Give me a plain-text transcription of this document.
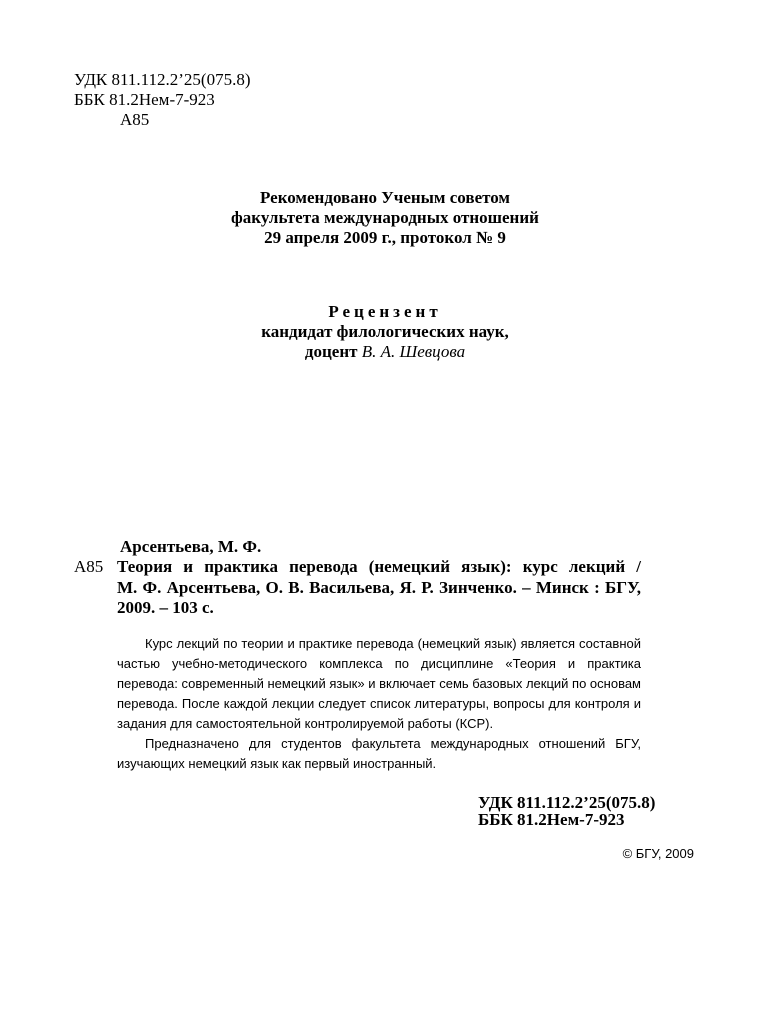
УДК 811.112.2’25(075.8)
ББК 81.2Нем-7-923
А85
Рекомендовано Ученым советом
факультета международных отношений
29 апреля 2009 г., протокол № 9
Рецензент
кандидат филологических наук,
доцент В. А. Шевцова
Арсентьева, М. Ф.
А85 Теория и практика перевода (немецкий язык): курс лекций /
М. Ф. Арсентьева, О. В. Васильева, Я. Р. Зинченко. – Минск : БГУ,
2009. – 103 с.

Курс лекций по теории и практике перевода (немецкий язык) является составной частью учебно-методического комплекса по дисциплине «Теория и практика перевода: современный немецкий язык» и включает семь базовых лекций по основам перевода. После каждой лекции следует список литературы, вопросы для контроля и задания для самостоятельной контролируемой работы (КСР).

Предназначено для студентов факультета международных отношений БГУ, изучающих немецкий язык как первый иностранный.

УДК 811.112.2’25(075.8)
ББК 81.2Нем-7-923
© БГУ, 2009
